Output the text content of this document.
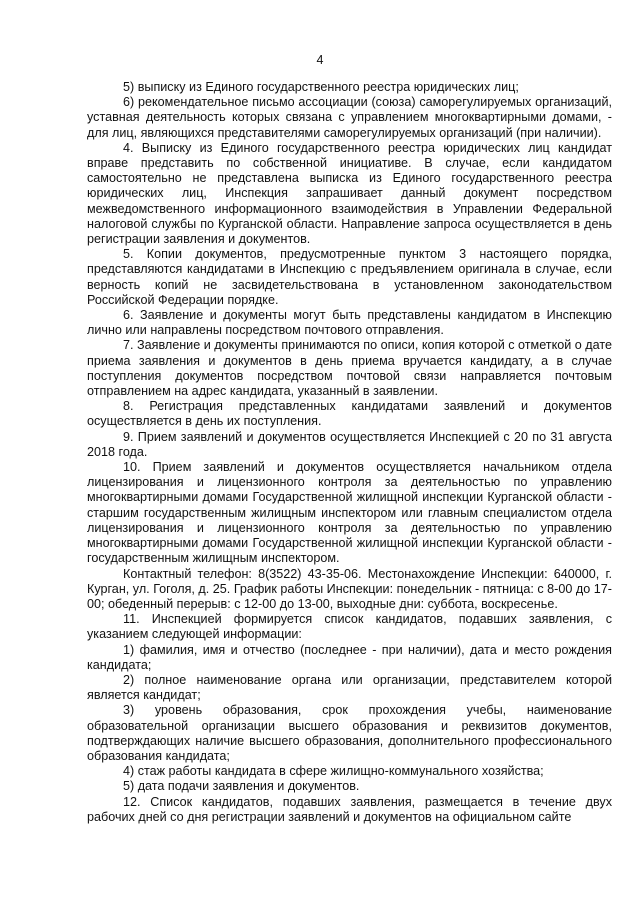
4

5) выписку из Единого государственного реестра юридических лиц;

6) рекомендательное письмо ассоциации (союза) саморегулируемых организаций, уставная деятельность которых связана с управлением многоквартирными домами, - для лиц, являющихся представителями саморегулируемых организаций (при наличии).

4. Выписку из Единого государственного реестра юридических лиц кандидат вправе представить по собственной инициативе. В случае, если кандидатом самостоятельно не представлена выписка из Единого государственного реестра юридических лиц, Инспекция запрашивает данный документ посредством межведомственного информационного взаимодействия в Управлении Федеральной налоговой службы по Курганской области. Направление запроса осуществляется в день регистрации заявления и документов.

5. Копии документов, предусмотренные пунктом 3 настоящего порядка, представляются кандидатами в Инспекцию с предъявлением оригинала в случае, если верность копий не засвидетельствована в установленном законодательством Российской Федерации порядке.

6. Заявление и документы могут быть представлены кандидатом в Инспекцию лично или направлены посредством почтового отправления.

7. Заявление и документы принимаются по описи, копия которой с отметкой о дате приема заявления и документов в день приема вручается кандидату, а в случае поступления документов посредством почтовой связи направляется почтовым отправлением на адрес кандидата, указанный в заявлении.

8. Регистрация представленных кандидатами заявлений и документов осуществляется в день их поступления.

9. Прием заявлений и документов осуществляется Инспекцией с 20 по 31 августа 2018 года.

10. Прием заявлений и документов осуществляется начальником отдела лицензирования и лицензионного контроля за деятельностью по управлению многоквартирными домами Государственной жилищной инспекции Курганской области - старшим государственным жилищным инспектором или главным специалистом отдела лицензирования и лицензионного контроля за деятельностью по управлению многоквартирными домами Государственной жилищной инспекции Курганской области - государственным жилищным инспектором.

Контактный телефон: 8(3522) 43-35-06. Местонахождение Инспекции: 640000, г. Курган, ул. Гоголя, д. 25. График работы Инспекции: понедельник - пятница: с 8-00 до 17-00; обеденный перерыв: с 12-00 до 13-00, выходные дни: суббота, воскресенье.

11. Инспекцией формируется список кандидатов, подавших заявления, с указанием следующей информации:

1) фамилия, имя и отчество (последнее - при наличии), дата и место рождения кандидата;

2) полное наименование органа или организации, представителем которой является кандидат;

3) уровень образования, срок прохождения учебы, наименование образовательной организации высшего образования и реквизитов документов, подтверждающих наличие высшего образования, дополнительного профессионального образования кандидата;

4) стаж работы кандидата в сфере жилищно-коммунального хозяйства;

5) дата подачи заявления и документов.

12. Список кандидатов, подавших заявления, размещается в течение двух рабочих дней со дня регистрации заявлений и документов на официальном сайте
